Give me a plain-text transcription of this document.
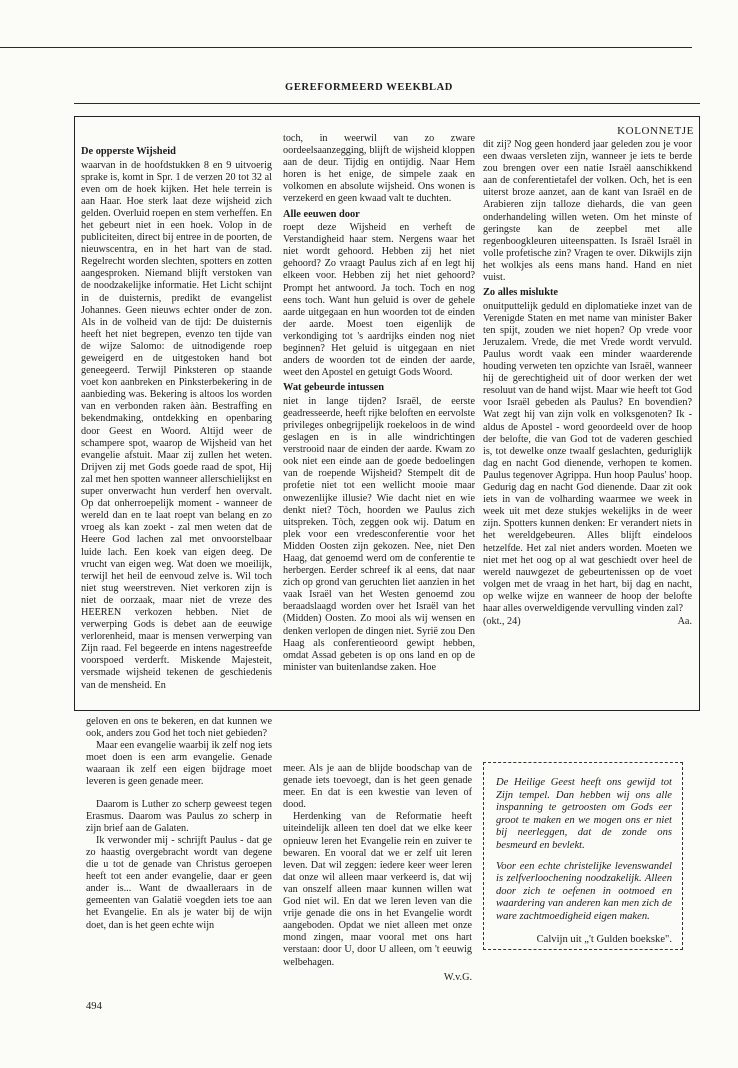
GEREFORMEERD WEEKBLAD
KOLONNETJE
De opperste Wijsheid

waarvan in de hoofdstukken 8 en 9 uitvoerig sprake is, komt in Spr. 1 de verzen 20 tot 32 al even om de hoek kijken. Het hele terrein is aan Haar. Hoe sterk laat deze wijsheid zich gelden. Overluid roepen en stem verheffen. En het gebeurt niet in een hoek. Volop in de publiciteiten, direct bij entree in de poorten, de nieuwscentra, en in het hart van de stad. Regelrecht worden slechten, spotters en zotten aangesproken. Niemand blijft verstoken van de noodzakelijke informatie. Het Licht schijnt in de duisternis, predikt de evangelist Johannes. Geen nieuws echter onder de zon. Als in de volheid van de tijd: De duisternis heeft het niet begrepen, evenzo ten tijde van de wijze Salomo: de uitnodigende roep geweigerd en de uitgestoken hand bot geneegeerd. Terwijl Pinksteren op staande voet kon aanbreken en Pinksterbekering in de aanbieding was. Bekering is altoos los worden van en verbonden raken ààn. Bestraffing en bekendmaking, ontdekking en openbaring door Geest en Woord. Altijd weer de schampere spot, waarop de Wijsheid van het evangelie afstuit. Maar zij zullen het weten. Drijven zij met Gods goede raad de spot, Hij zal met hen spotten wanneer allerschielijkst en super onverwacht hun verderf hen overvalt. Op dat onherroepelijk moment - wanneer de wereld dan en te laat roept van belang en zo vroeg als kan zoekt - zal men weten dat de Heere God lachen zal met onvoorstelbaar luide lach. Een koek van eigen deeg. De vrucht van eigen weg. Wat doen we moeilijk, terwijl het heil de eenvoud zelve is. Wil toch niet stug weerstreven. Niet verkoren zijn is niet de oorzaak, maar niet de vreze des HEEREN verkozen hebben. Niet de verwerping Gods is debet aan de eeuwige verlorenheid, maar is mensen verwerping van Zijn raad. Fel begeerde en intens nagestreefde voorspoed verderft. Miskende Majesteit, versmade wijsheid tekenen de geschiedenis van de mensheid. En

toch, in weerwil van zo zware oordeelsaanzegging, blijft de wijsheid kloppen aan de deur. Tijdig en ontijdig. Naar Hem horen is het enige, de simpele zaak en volkomen en absolute wijsheid. Ons wonen is verzekerd en geen kwaad valt te duchten.

Alle eeuwen door

roept deze Wijsheid en verheft de Verstandigheid haar stem. Nergens waar het niet wordt gehoord. Hebben zij het niet gehoord? Zo vraagt Paulus zich af en legt hij elkeen voor. Hebben zij het niet gehoord? Prompt het antwoord. Ja toch. Toch en nog eens toch. Want hun geluid is over de gehele aarde uitgegaan en hun woorden tot de einden der aarde. Moest toen eigenlijk de verkondiging tot 's aardrijks einden nog niet beginnen? Het geluid is uitgegaan en niet anders de woorden tot de einden der aarde, weet den Apostel en getuigt Gods Woord.

Wat gebeurde intussen

niet in lange tijden? Israël, de eerste geadresseerde, heeft rijke beloften en eervolste privileges onbegrijpelijk roekeloos in de wind geslagen en is in alle windrichtingen verstrooid naar de einden der aarde. Kwam zo ook niet een einde aan de goede bedoelingen van de roepende Wijsheid? Stempelt dit de profetie niet tot een wellicht mooie maar onwezenlijke illusie? Wie dacht niet en wie denkt niet? Tòch, hoorden we Paulus zich uitspreken. Tòch, zeggen ook wij. Datum en plek voor een vredesconferentie voor het Midden Oosten zijn gekozen. Nee, niet Den Haag, dat genoemd werd om de conferentie te herbergen. Eerder schreef ik al eens, dat naar zich op grond van geruchten liet aanzien in het vaak Israël van het Westen genoemd zou beraadslaagd worden over het Israël van het (Midden) Oosten. Zo mooi als wij wensen en denken verlopen de dingen niet. Syrië zou Den Haag als conferentieoord gewipt hebben, omdat Assad gebeten is op ons land en op de minister van buitenlandse zaken. Hoe

dit zij? Nog geen honderd jaar geleden zou je voor een dwaas versleten zijn, wanneer je iets te berde zou brengen over een natie Israël aanschikkend aan de conferentietafel der volken. Och, het is een uiterst broze aanzet, aan de kant van Israël en de Arabieren zijn talloze diehards, die van geen onderhandeling willen weten. Om het minste of geringste kan de zeepbel met alle regenboogkleuren uiteenspatten. Is Israël Israël in volle profetische zin? Vragen te over. Dikwijls zijn het wolkjes als eens mans hand. Hand en niet vuist.

Zo alles mislukte

onuitputtelijk geduld en diplomatieke inzet van de Verenigde Staten en met name van minister Baker ten spijt, zouden we niet hopen? Op vrede voor Jeruzalem. Vrede, die met Vrede wordt vervuld. Paulus wordt vaak een minder waarderende houding verweten ten opzichte van Israël, wanneer hij de gerechtigheid uit of door werken der wet resoluut van de hand wijst. Maar wie heeft tot God voor Israël gebeden als Paulus? En bovendien? Wat zegt hij van zijn volk en volksgenoten? Ik - aldus de Apostel - word geoordeeld over de hoop der belofte, die van God tot de vaderen geschied is, tot dewelke onze twaalf geslachten, geduriglijk dag en nacht God dienende, verhopen te komen. Paulus tegenover Agrippa. Hun hoop Paulus' hoop. Gedurig dag en nacht God dienende. Daar zit ook iets in van de volharding waarmee we week in week uit met deze stukjes wekelijks in de weer zijn. Spotters kunnen denken: Er verandert niets in het wereldgebeuren. Alles blijft eindeloos hetzelfde. Het zal niet anders worden. Moeten we niet met het oog op al wat geschiedt over heel de wereld nauwgezet de gebeurtenissen op de voet volgen met de vraag in het hart, bij dag en nacht, op welke wijze en wanneer de hoop der belofte haar alles overweldigende vervulling vinden zal?

(okt., 24)	Aa.

geloven en ons te bekeren, en dat kunnen we ook, anders zou God het toch niet gebieden?

Maar een evangelie waarbij ik zelf nog iets moet doen is een arm evangelie. Genade waaraan ik zelf een eigen bijdrage moet leveren is geen genade meer.

Daarom is Luther zo scherp geweest tegen Erasmus. Daarom was Paulus zo scherp in zijn brief aan de Galaten.

Ik verwonder mij - schrijft Paulus - dat ge zo haastig overgebracht wordt van degene die u tot de genade van Christus geroepen heeft tot een ander evangelie, daar er geen ander is... Want de dwaalleraars in de gemeenten van Galatië voegden iets toe aan het Evangelie. En als je water bij de wijn doet, dan is het geen echte wijn

meer. Als je aan de blijde boodschap van de genade iets toevoegt, dan is het geen genade meer. En dat is een kwestie van leven of dood.

Herdenking van de Reformatie heeft uiteindelijk alleen ten doel dat we elke keer opnieuw leren het Evangelie rein en zuiver te bewaren. En vooral dat we er zelf uit leren leven. Dat wil zeggen: iedere keer weer leren dat onze wil alleen maar verkeerd is, dat wij van onszelf alleen maar kunnen willen wat God niet wil. En dat we leren leven van die vrije genade die ons in het Evangelie wordt aangeboden. Opdat we niet alleen met onze mond zingen, maar vooral met ons hart verstaan: door U, door U alleen, om 't eeuwig welbehagen.

W.v.G.

De Heilige Geest heeft ons gewijd tot Zijn tempel. Dan hebben wij ons alle inspanning te getroosten om Gods eer groot te maken en we mogen ons er niet bij neerleggen, dat de zonde ons besmeurd en bevlekt.

Voor een echte christelijke levenswandel is zelfverloochening noodzakelijk. Alleen door zich te oefenen in ootmoed en waardering van anderen kan men zich de ware zachtmoedigheid eigen maken.

Calvijn uit „'t Gulden boekske".
494
